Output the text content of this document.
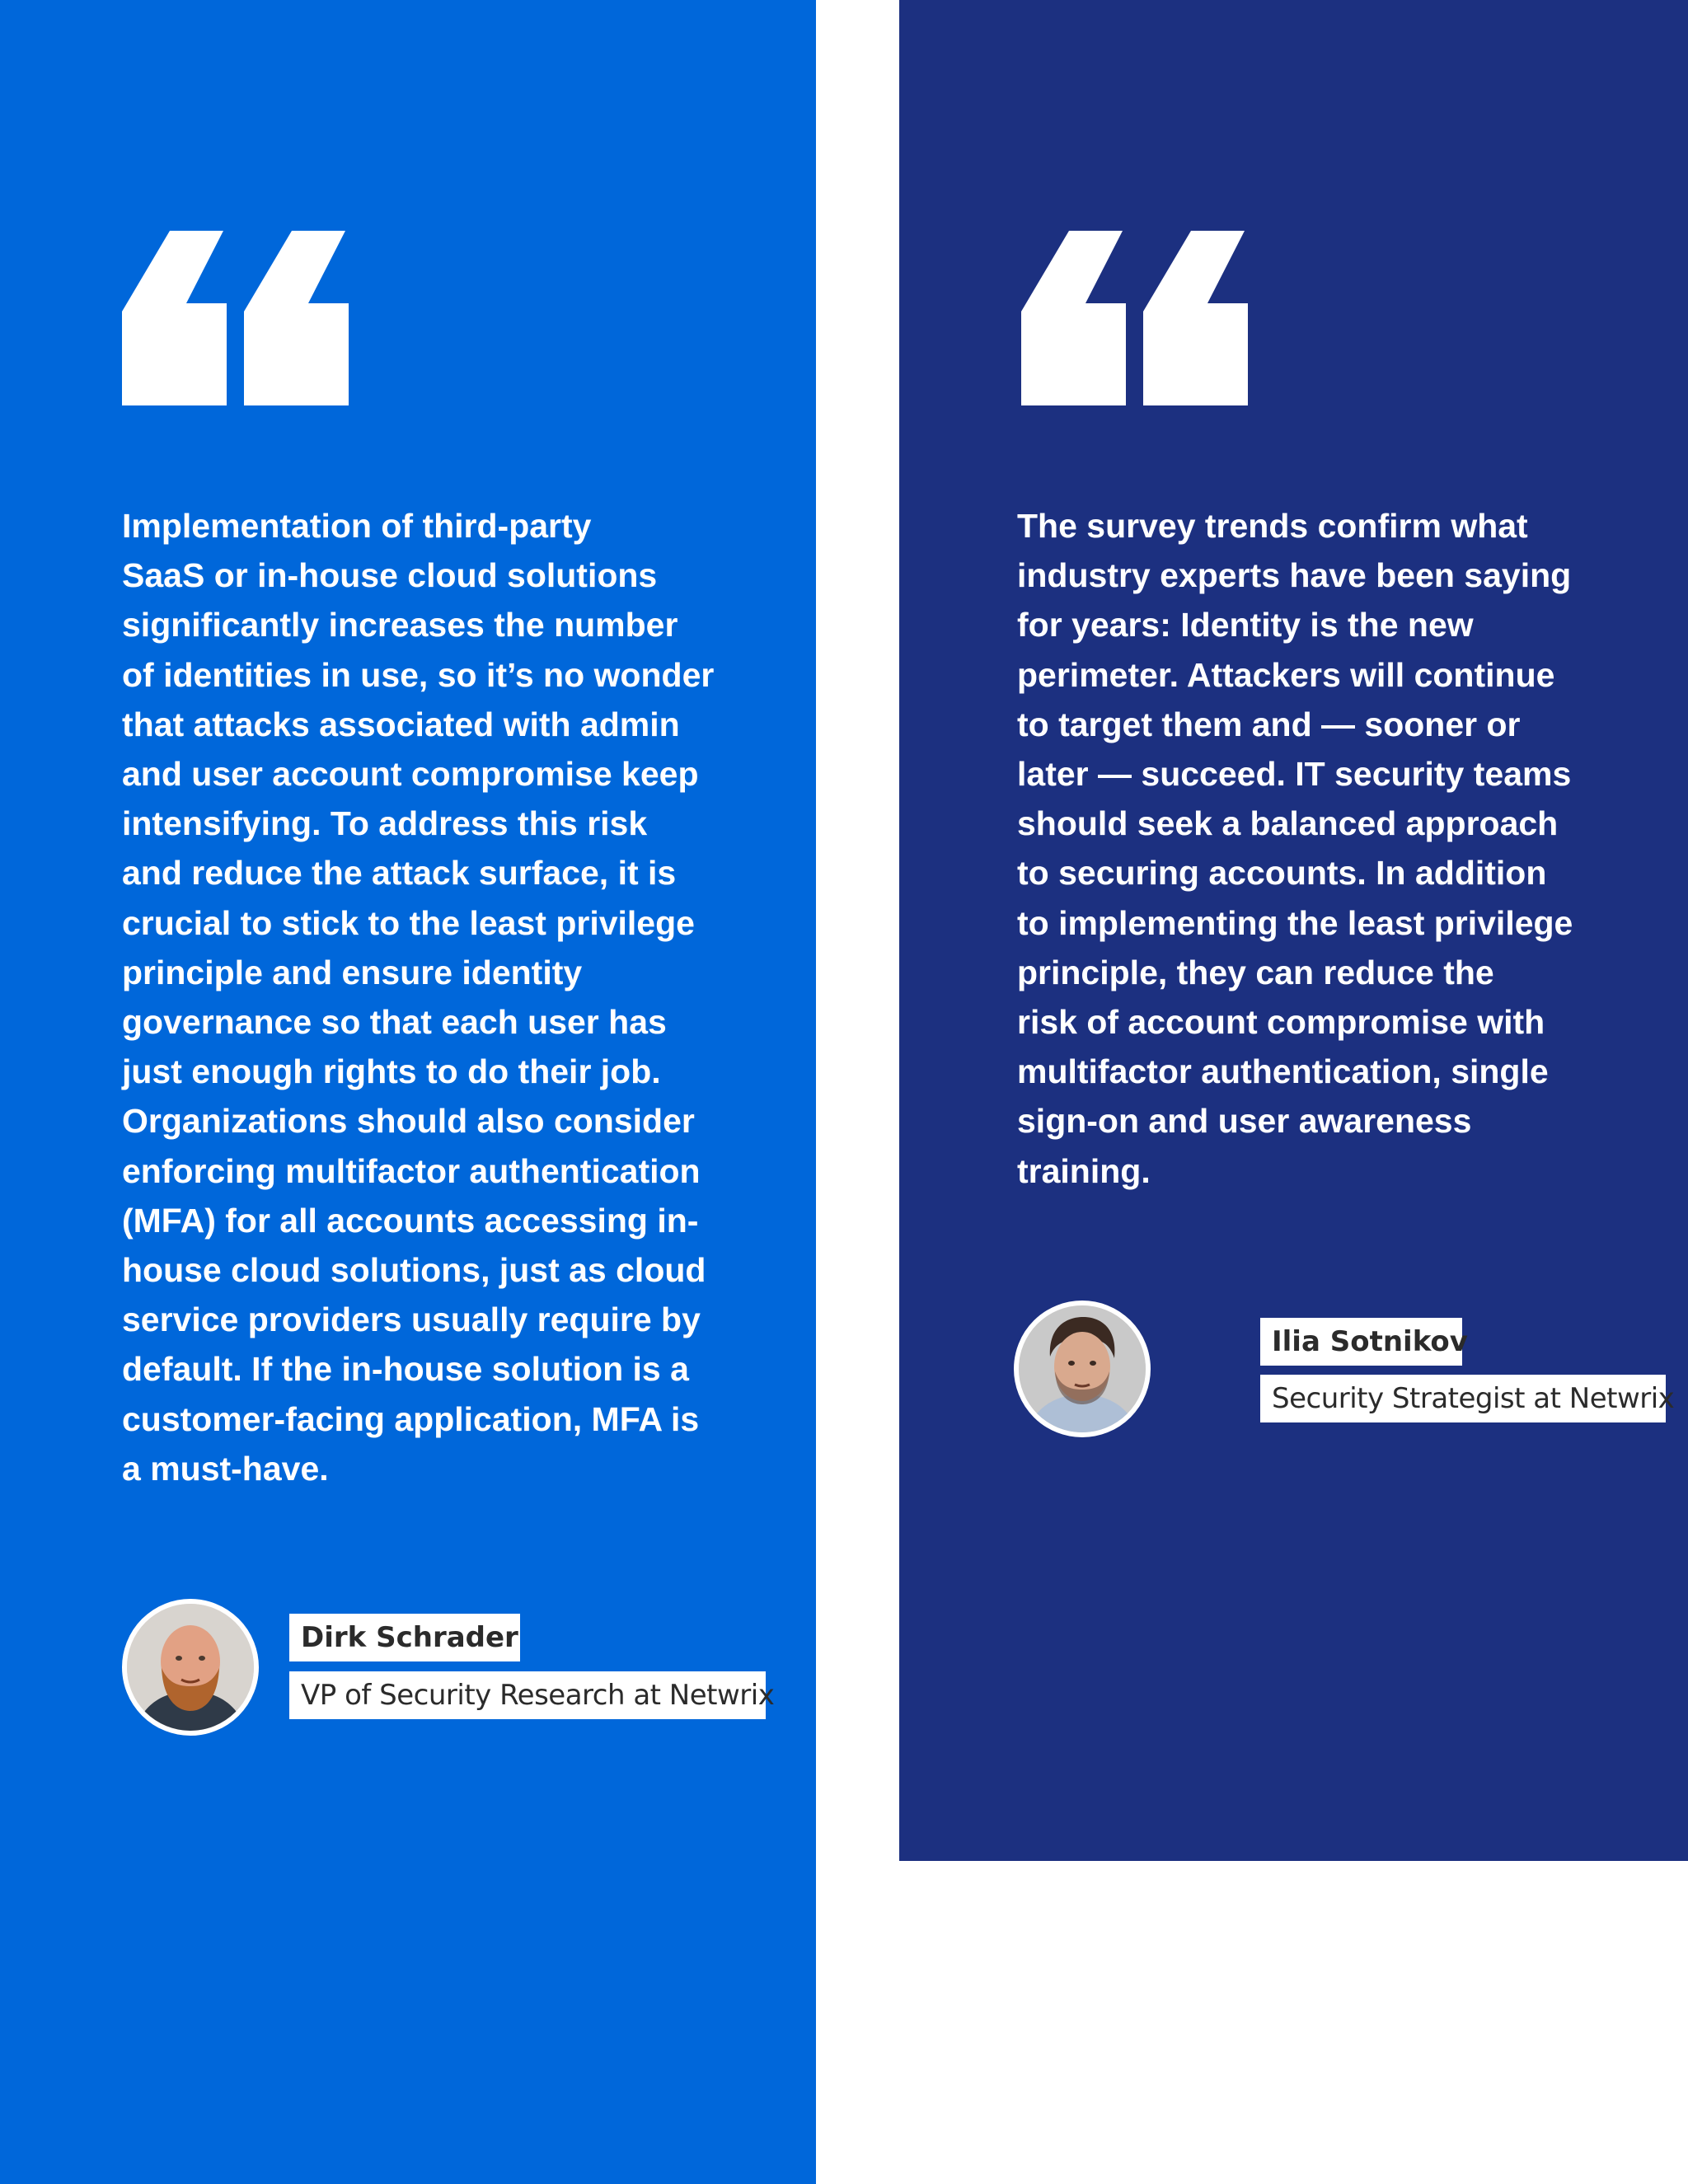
Implementation of third-party
SaaS or in-house cloud solutions
significantly increases the number
of identities in use, so it’s no wonder
that attacks associated with admin
and user account compromise keep
intensifying. To address this risk
and reduce the attack surface, it is
crucial to stick to the least privilege
principle and ensure identity
governance so that each user has
just enough rights to do their job.
Organizations should also consider
enforcing multifactor authentication
(MFA) for all accounts accessing in-
house cloud solutions, just as cloud
service providers usually require by
default. If the in-house solution is a
customer-facing application, MFA is
a must-have.

Dirk Schrader
VP of Security Research at Netwrix

The survey trends confirm what
industry experts have been saying
for years: Identity is the new
perimeter. Attackers will continue
to target them and — sooner or
later — succeed. IT security teams
should seek a balanced approach
to securing accounts. In addition
to implementing the least privilege
principle, they can reduce the
risk of account compromise with
multifactor authentication, single
sign-on and user awareness
training.

Ilia Sotnikov
Security Strategist at Netwrix
